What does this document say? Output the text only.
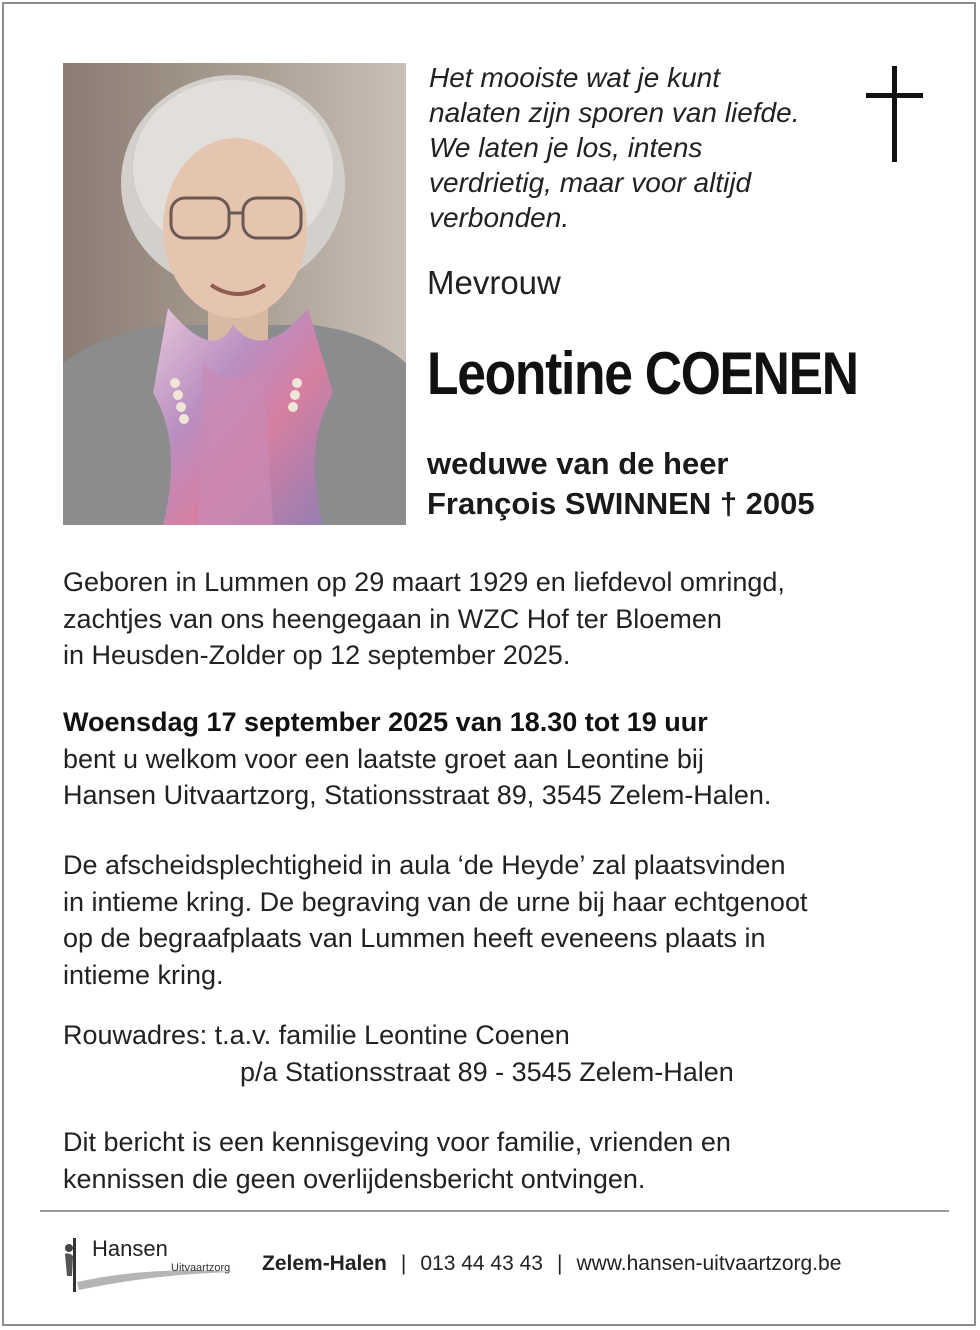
Het mooiste wat je kunt
nalaten zijn sporen van liefde.
We laten je los, intens
verdrietig, maar voor altijd
verbonden.
Mevrouw
Leontine COENEN
weduwe van de heer
François SWINNEN † 2005
Geboren in Lummen op 29 maart 1929 en liefdevol omringd,
zachtjes van ons heengegaan in WZC Hof ter Bloemen
in Heusden-Zolder op 12 september 2025.
Woensdag 17 september 2025 van 18.30 tot 19 uur
bent u welkom voor een laatste groet aan Leontine bij
Hansen Uitvaartzorg, Stationsstraat 89, 3545 Zelem-Halen.
De afscheidsplechtigheid in aula ‘de Heyde’ zal plaatsvinden
in intieme kring. De begraving van de urne bij haar echtgenoot
op de begraafplaats van Lummen heeft eveneens plaats in
intieme kring.
Rouwadres: t.a.v. familie Leontine Coenen
p/a Stationsstraat 89 - 3545 Zelem-Halen
Dit bericht is een kennisgeving voor familie, vrienden en
kennissen die geen overlijdensbericht ontvingen.
Hansen
Uitvaartzorg Zelem-Halen | 013 44 43 43 | www.hansen-uitvaartzorg.be
